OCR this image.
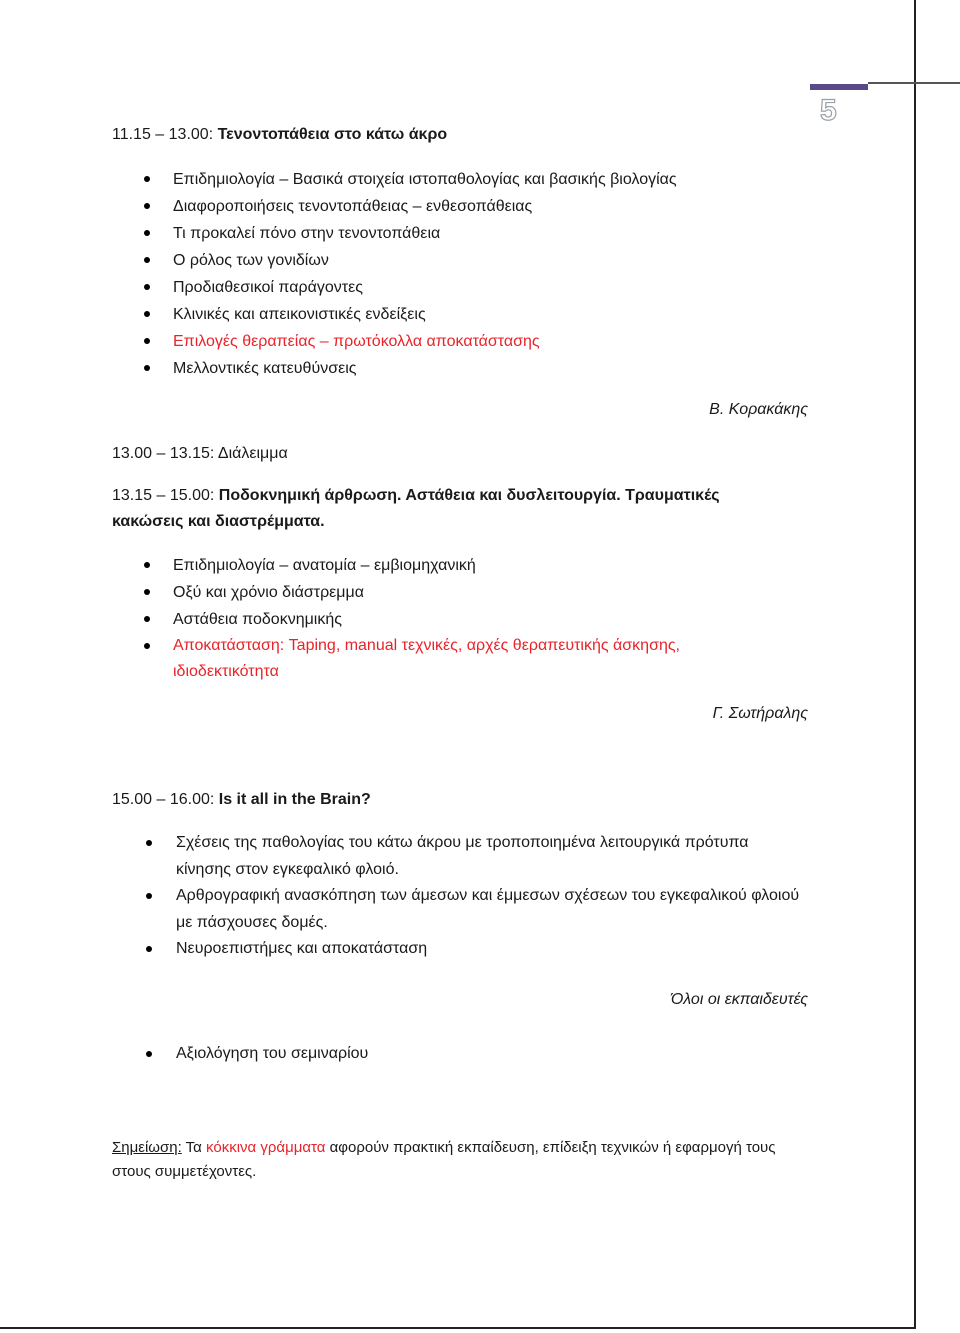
5

11.15 – 13.00: Τενοντοπάθεια στο κάτω άκρο

Επιδημιολογία – Βασικά στοιχεία ιστοπαθολογίας και βασικής βιολογίας
Διαφοροποιήσεις τενοντοπάθειας – ενθεσοπάθειας
Τι προκαλεί πόνο στην τενοντοπάθεια
Ο ρόλος των γονιδίων
Προδιαθεσικοί παράγοντες
Κλινικές και απεικονιστικές ενδείξεις
Επιλογές θεραπείας – πρωτόκολλα αποκατάστασης
Μελλοντικές κατευθύνσεις
Β. Κορακάκης

13.00 – 13.15: Διάλειμμα

13.15 – 15.00: Ποδοκνημική άρθρωση. Αστάθεια και δυσλειτουργία. Τραυματικές κακώσεις και διαστρέμματα.

Επιδημιολογία – ανατομία – εμβιομηχανική
Οξύ και χρόνιο διάστρεμμα
Αστάθεια ποδοκνημικής
Αποκατάσταση: Taping, manual τεχνικές, αρχές θεραπευτικής άσκησης, ιδιοδεκτικότητα
Γ. Σωτήραλης

15.00 – 16.00: Is it all in the Brain?

Σχέσεις της παθολογίας του κάτω άκρου με τροποποιημένα λειτουργικά πρότυπα κίνησης στον εγκεφαλικό φλοιό.
Αρθρογραφική ανασκόπηση των άμεσων και έμμεσων σχέσεων του εγκεφαλικού φλοιού με πάσχουσες δομές.
Νευροεπιστήμες και αποκατάσταση
Όλοι οι εκπαιδευτές
Αξιολόγηση του σεμιναρίου
Σημείωση: Τα κόκκινα γράμματα αφορούν πρακτική εκπαίδευση, επίδειξη τεχνικών ή εφαρμογή τους στους συμμετέχοντες.
